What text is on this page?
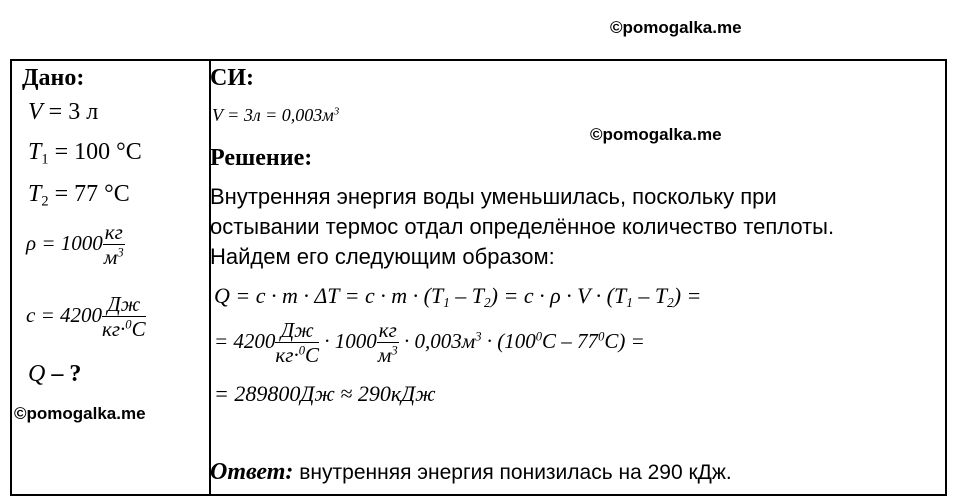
©pomogalka.me
©pomogalka.me
©pomogalka.me
Дано:
V = 3 л
$T_1 = 100$ °С
$T_2 = 77$ °С
$\rho = 1000 \frac{кг}{м^3}$
$c = 4200 \frac{Дж}{кг\cdot^0C}$
Q – ?
СИ:
$V = 3л = 0,003м^3$
Решение:
Внутренняя энергия воды уменьшилась, поскольку при
остывании термос отдал определённое количество теплоты.
Найдем его следующим образом:
$Q = c \cdot m \cdot \Delta T = c \cdot m \cdot (T_1 - T_2) = c \cdot \rho \cdot V \cdot (T_1 - T_2)$ =
= $4200 \frac{Дж}{кг\cdot^0C} \cdot 1000 \frac{кг}{м^3} \cdot 0,003м^3 \cdot (100^0C - 77^0C)$ =
= 289800Дж ≈ 290кДж
Ответ: внутренняя энергия понизилась на 290 кДж.
